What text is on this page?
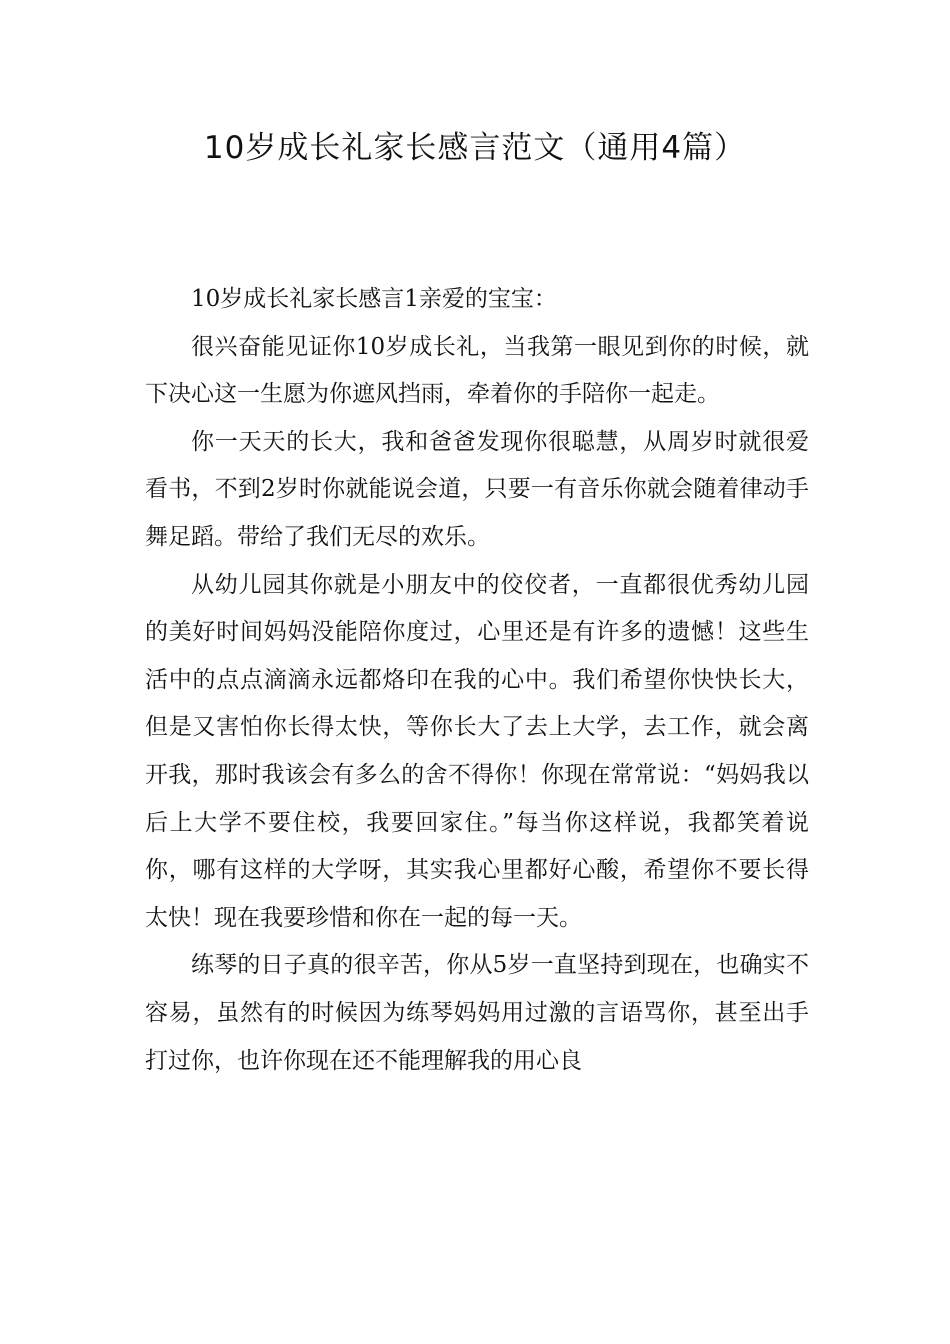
10岁成长礼家长感言范文（通用4篇）

10岁成长礼家长感言1亲爱的宝宝：

很兴奋能见证你10岁成长礼，当我第一眼见到你的时候，就下决心这一生愿为你遮风挡雨，牵着你的手陪你一起走。

你一天天的长大，我和爸爸发现你很聪慧，从周岁时就很爱看书，不到2岁时你就能说会道，只要一有音乐你就会随着律动手舞足蹈。带给了我们无尽的欢乐。

从幼儿园其你就是小朋友中的佼佼者，一直都很优秀幼儿园的美好时间妈妈没能陪你度过，心里还是有许多的遗憾！这些生活中的点点滴滴永远都烙印在我的心中。我们希望你快快长大，但是又害怕你长得太快，等你长大了去上大学，去工作，就会离开我，那时我该会有多么的舍不得你！你现在常常说：“妈妈我以后上大学不要住校，我要回家住。”每当你这样说，我都笑着说你，哪有这样的大学呀，其实我心里都好心酸，希望你不要长得太快！现在我要珍惜和你在一起的每一天。

练琴的日子真的很辛苦，你从5岁一直坚持到现在，也确实不容易，虽然有的时候因为练琴妈妈用过激的言语骂你，甚至出手打过你，也许你现在还不能理解我的用心良
